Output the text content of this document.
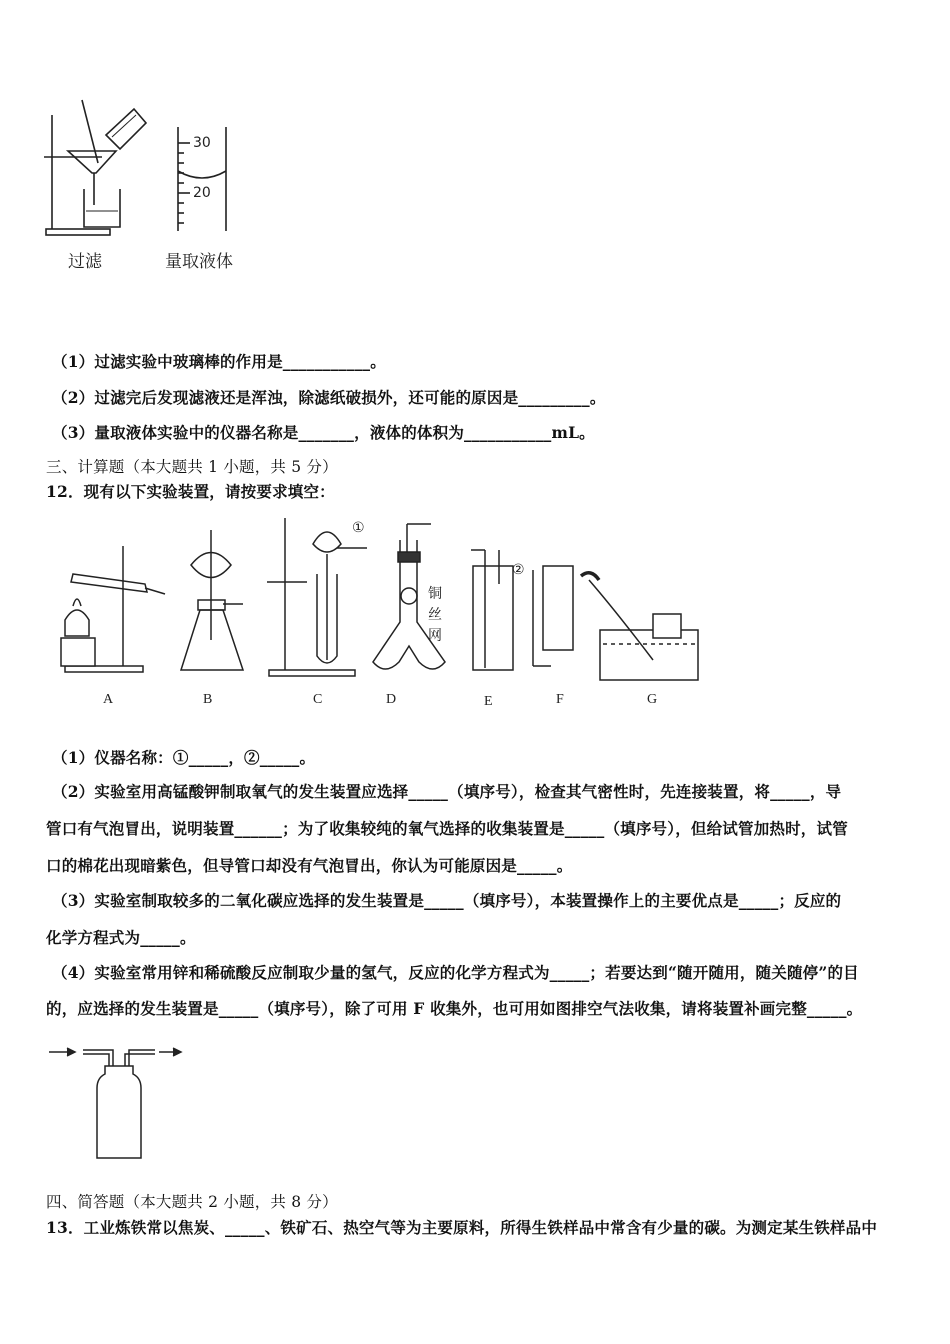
过滤
30
20
量取液体
（1）过滤实验中玻璃棒的作用是___________。
（2）过滤完后发现滤液还是浑浊，除滤纸破损外，还可能的原因是_________。
（3）量取液体实验中的仪器名称是_______，液体的体积为___________mL。
三、计算题（本大题共 1 小题，共 5 分）
12．现有以下实验装置，请按要求填空：
①
②
铜
丝
网
A	B	C	D	E	F	G
（1）仪器名称：①_____，②_____。
（2）实验室用高锰酸钾制取氧气的发生装置应选择_____（填序号），检查其气密性时，先连接装置，将_____，导
管口有气泡冒出，说明装置______；为了收集较纯的氧气选择的收集装置是_____（填序号），但给试管加热时，试管
口的棉花出现暗紫色，但导管口却没有气泡冒出，你认为可能原因是_____。
（3）实验室制取较多的二氧化碳应选择的发生装置是_____（填序号），本装置操作上的主要优点是_____；反应的
化学方程式为_____。
（4）实验室常用锌和稀硫酸反应制取少量的氢气，反应的化学方程式为_____；若要达到“随开随用，随关随停”的目
的，应选择的发生装置是_____（填序号），除了可用 F 收集外，也可用如图排空气法收集，请将装置补画完整_____。
四、简答题（本大题共 2 小题，共 8 分）
13．工业炼铁常以焦炭、_____、铁矿石、热空气等为主要原料，所得生铁样品中常含有少量的碳。为测定某生铁样品中
